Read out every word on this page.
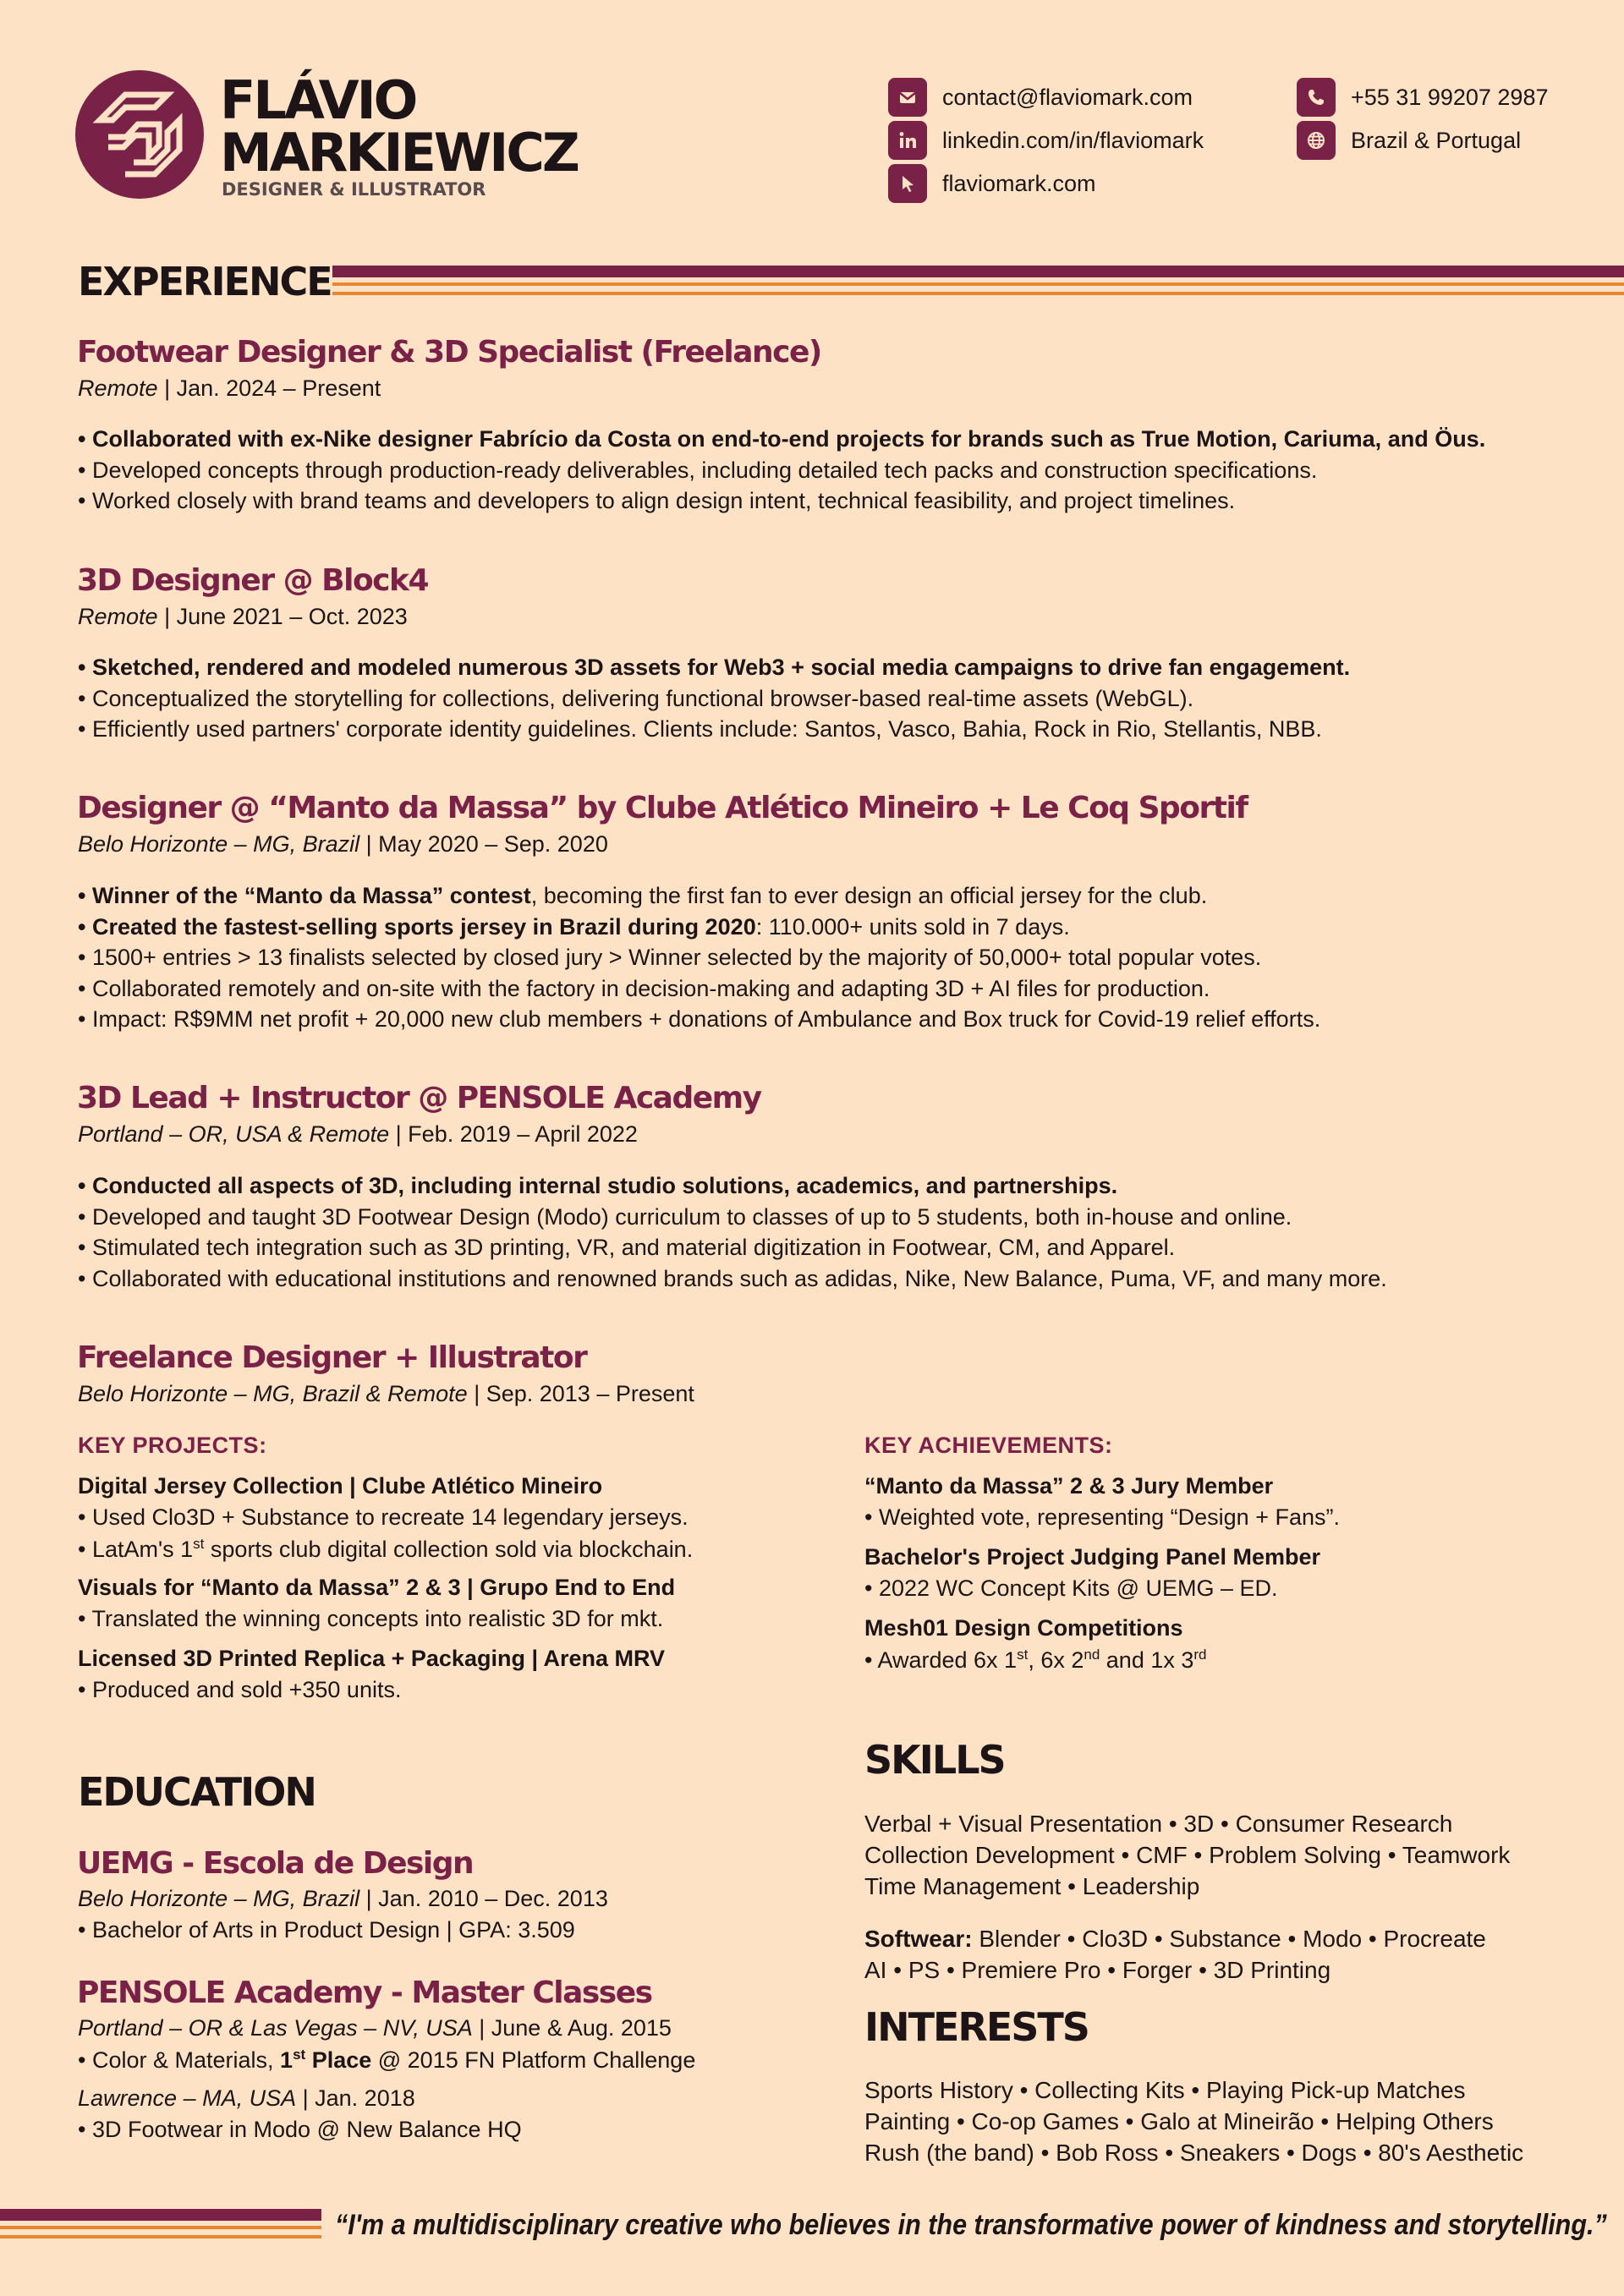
FLÁVIO
MARKIEWICZ
DESIGNER & ILLUSTRATOR
contact@flaviomark.com
linkedin.com/in/flaviomark
flaviomark.com
+55 31 99207 2987
Brazil & Portugal
EXPERIENCE
Footwear Designer & 3D Specialist (Freelance)
Remote | Jan. 2024 – Present
• Collaborated with ex-Nike designer Fabrício da Costa on end-to-end projects for brands such as True Motion, Cariuma, and Öus.
• Developed concepts through production-ready deliverables, including detailed tech packs and construction specifications.
• Worked closely with brand teams and developers to align design intent, technical feasibility, and project timelines.
3D Designer @ Block4
Remote | June 2021 – Oct. 2023
• Sketched, rendered and modeled numerous 3D assets for Web3 + social media campaigns to drive fan engagement.
• Conceptualized the storytelling for collections, delivering functional browser-based real-time assets (WebGL).
• Efficiently used partners' corporate identity guidelines. Clients include: Santos, Vasco, Bahia, Rock in Rio, Stellantis, NBB.
Designer @ “Manto da Massa” by Clube Atlético Mineiro + Le Coq Sportif
Belo Horizonte – MG, Brazil | May 2020 – Sep. 2020
• Winner of the “Manto da Massa” contest, becoming the first fan to ever design an official jersey for the club.
• Created the fastest-selling sports jersey in Brazil during 2020: 110.000+ units sold in 7 days.
• 1500+ entries > 13 finalists selected by closed jury > Winner selected by the majority of 50,000+ total popular votes.
• Collaborated remotely and on-site with the factory in decision-making and adapting 3D + AI files for production.
• Impact: R$9MM net profit + 20,000 new club members + donations of Ambulance and Box truck for Covid-19 relief efforts.
3D Lead + Instructor @ PENSOLE Academy
Portland – OR, USA & Remote | Feb. 2019 – April 2022
• Conducted all aspects of 3D, including internal studio solutions, academics, and partnerships.
• Developed and taught 3D Footwear Design (Modo) curriculum to classes of up to 5 students, both in-house and online.
• Stimulated tech integration such as 3D printing, VR, and material digitization in Footwear, CM, and Apparel.
• Collaborated with educational institutions and renowned brands such as adidas, Nike, New Balance, Puma, VF, and many more.
Freelance Designer + Illustrator
Belo Horizonte – MG, Brazil & Remote | Sep. 2013 – Present
KEY PROJECTS:
Digital Jersey Collection | Clube Atlético Mineiro
• Used Clo3D + Substance to recreate 14 legendary jerseys.
• LatAm's 1st sports club digital collection sold via blockchain.
Visuals for “Manto da Massa” 2 & 3 | Grupo End to End
• Translated the winning concepts into realistic 3D for mkt.
Licensed 3D Printed Replica + Packaging | Arena MRV
• Produced and sold +350 units.
KEY ACHIEVEMENTS:
“Manto da Massa” 2 & 3 Jury Member
• Weighted vote, representing “Design + Fans”.
Bachelor's Project Judging Panel Member
• 2022 WC Concept Kits @ UEMG – ED.
Mesh01 Design Competitions
• Awarded 6x 1st, 6x 2nd and 1x 3rd
EDUCATION
UEMG - Escola de Design
Belo Horizonte – MG, Brazil | Jan. 2010 – Dec. 2013
• Bachelor of Arts in Product Design | GPA: 3.509
PENSOLE Academy - Master Classes
Portland – OR & Las Vegas – NV, USA | June & Aug. 2015
• Color & Materials, 1st Place @ 2015 FN Platform Challenge
Lawrence – MA, USA | Jan. 2018
• 3D Footwear in Modo @ New Balance HQ
SKILLS
Verbal + Visual Presentation • 3D • Consumer Research
Collection Development • CMF • Problem Solving • Teamwork
Time Management • Leadership
Softwear: Blender • Clo3D • Substance • Modo • Procreate
AI • PS • Premiere Pro • Forger • 3D Printing
INTERESTS
Sports History • Collecting Kits • Playing Pick-up Matches
Painting • Co-op Games • Galo at Mineirão • Helping Others
Rush (the band) • Bob Ross • Sneakers • Dogs • 80's Aesthetic
“I'm a multidisciplinary creative who believes in the transformative power of kindness and storytelling.”
